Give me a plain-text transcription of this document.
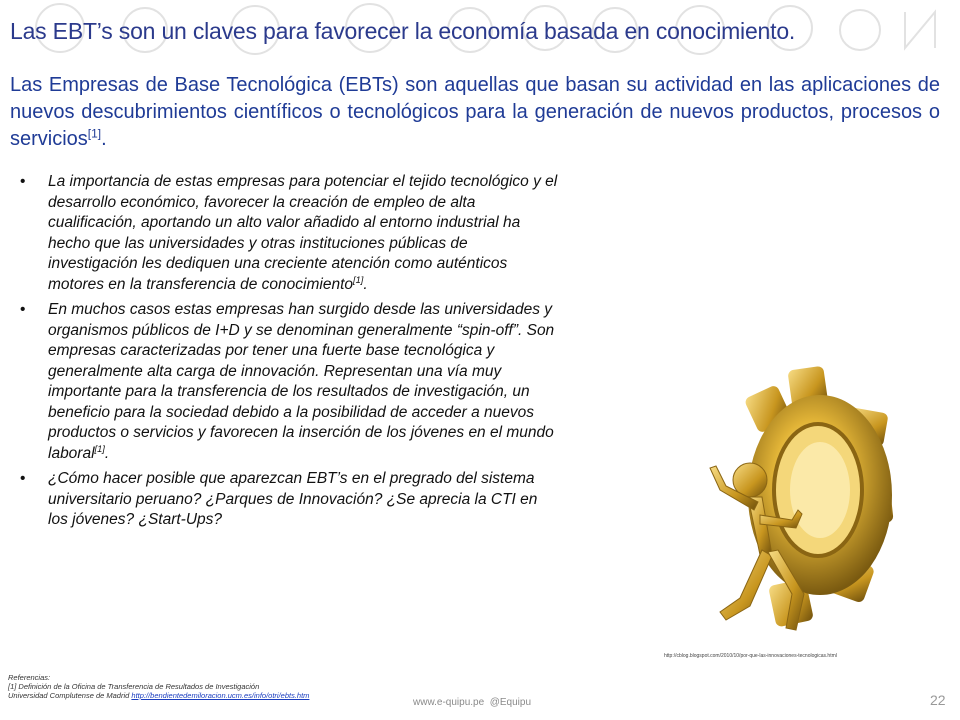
Las EBT’s son un claves para favorecer la economía basada en conocimiento.
Las Empresas de Base Tecnológica (EBTs) son aquellas que basan su actividad en las aplicaciones de nuevos descubrimientos científicos o tecnológicos para la generación de nuevos productos, procesos o servicios[1].
• La importancia de estas empresas para potenciar el tejido tecnológico y el desarrollo económico, favorecer la creación de empleo de alta cualificación, aportando un alto valor añadido al entorno industrial ha hecho que las universidades y otras instituciones públicas de investigación les dediquen una creciente atención como auténticos motores en la transferencia de conocimiento[1].
• En muchos casos estas empresas han surgido desde las universidades y organismos públicos de I+D y se denominan generalmente “spin-off”. Son empresas caracterizadas por tener una fuerte base tecnológica y generalmente alta carga de innovación. Representan una vía muy importante para la transferencia de los resultados de investigación, un beneficio para la sociedad debido a la posibilidad de acceder a nuevos productos o servicios y favorecen la inserción de los jóvenes en el mundo laboral[1].
• ¿Cómo hacer posible que aparezcan EBT’s en el pregrado del sistema universitario peruano? ¿Parques de Innovación? ¿Se aprecia la CTI en los jóvenes? ¿Start-Ups?
http://cblog.blogspot.com/2010/10/por-que-las-innovaciones-tecnologicas.html
Referencias:
[1] Definición de la Oficina de Transferencia de Resultados de Investigación
Universidad Complutense de Madrid http://bendientedemiloracion.ucm.es/info/otri/ebts.htm
www.e-quipu.pe @Equipu	22
